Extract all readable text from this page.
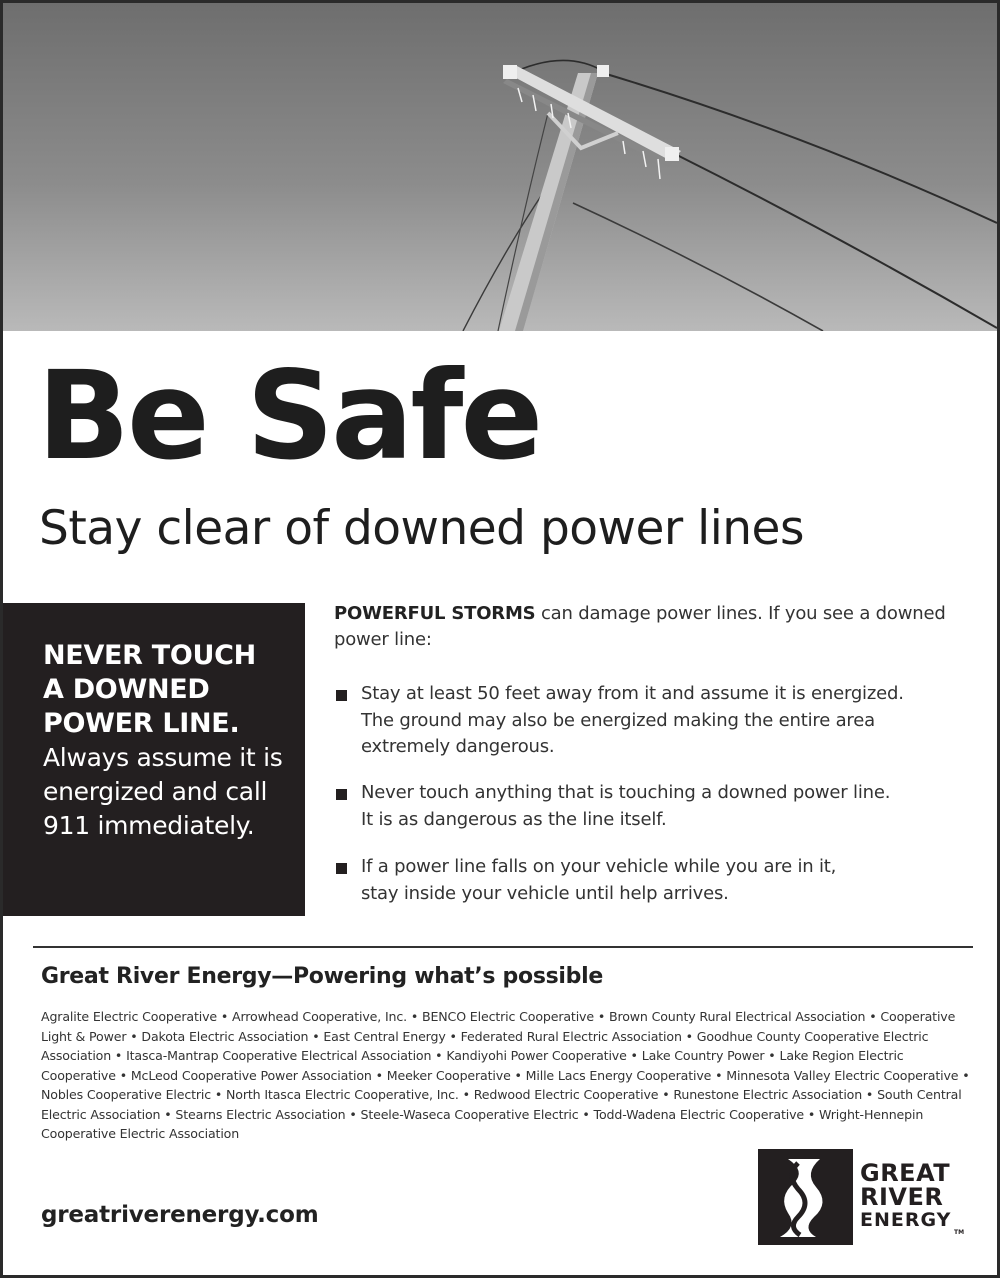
Be Safe
Stay clear of downed power lines
NEVER TOUCH
A DOWNED
POWER LINE.
Always assume it is
energized and call
911 immediately.

POWERFUL STORMS can damage power lines. If you see a downed power line:

Stay at least 50 feet away from it and assume it is energized.
The ground may also be energized making the entire area
extremely dangerous.
Never touch anything that is touching a downed power line.
It is as dangerous as the line itself.
If a power line falls on your vehicle while you are in it,
stay inside your vehicle until help arrives.
Great River Energy—Powering what’s possible

Agralite Electric Cooperative • Arrowhead Cooperative, Inc. • BENCO Electric Cooperative • Brown County Rural Electrical Association • Cooperative Light & Power • Dakota Electric Association • East Central Energy • Federated Rural Electric Association • Goodhue County Cooperative Electric Association • Itasca-Mantrap Cooperative Electrical Association • Kandiyohi Power Cooperative • Lake Country Power • Lake Region Electric Cooperative • McLeod Cooperative Power Association • Meeker Cooperative • Mille Lacs Energy Cooperative • Minnesota Valley Electric Cooperative • Nobles Cooperative Electric • North Itasca Electric Cooperative, Inc. • Redwood Electric Cooperative • Runestone Electric Association • South Central Electric Association • Stearns Electric Association • Steele-Waseca Cooperative Electric • Todd-Wadena Electric Cooperative • Wright-Hennepin Cooperative Electric Association

greatriverenergy.com
GREAT
RIVER
ENERGY
TM
